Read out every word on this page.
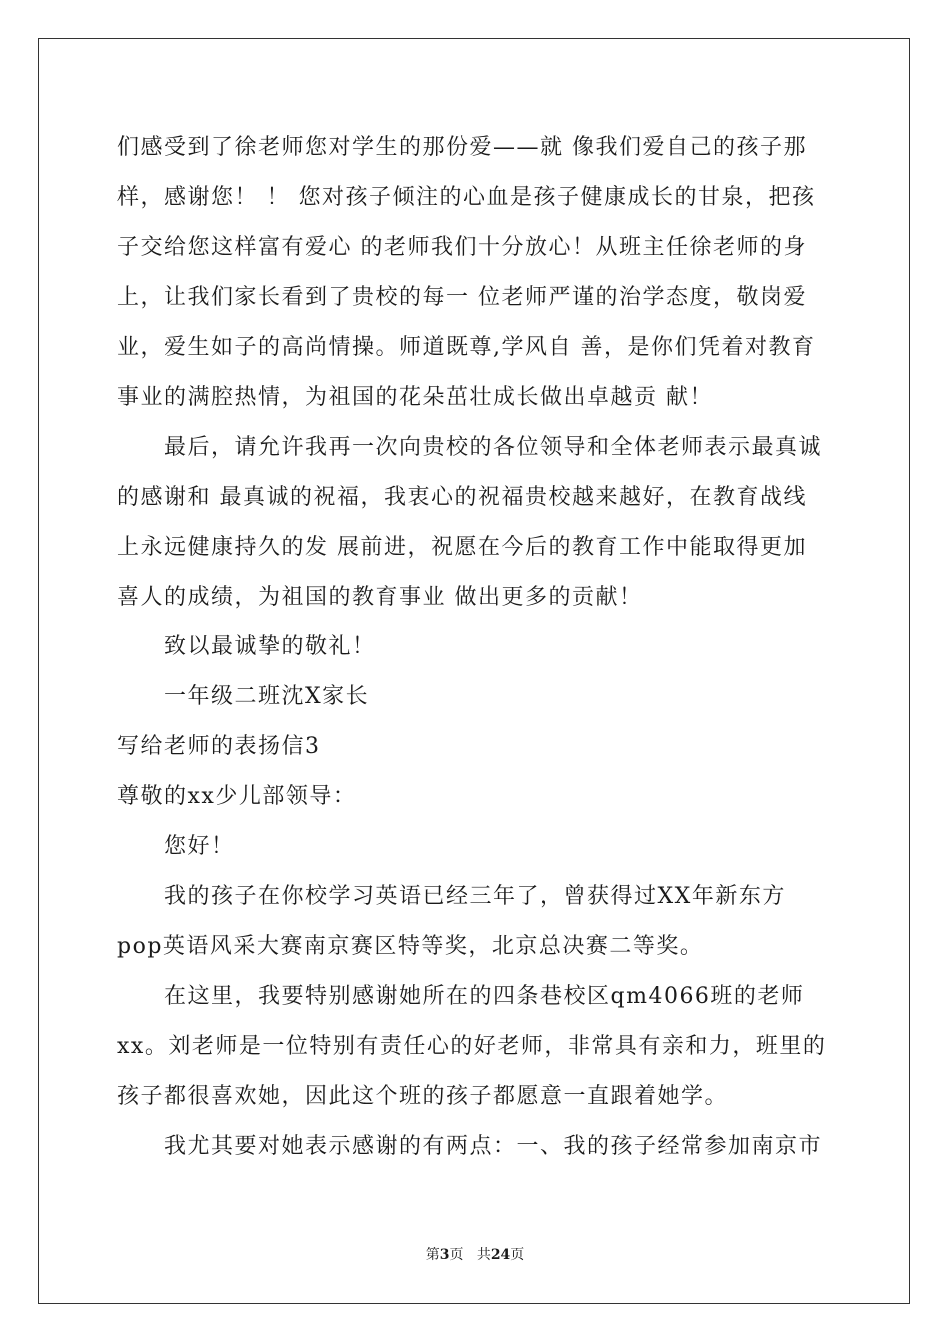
们感受到了徐老师您对学生的那份爱——就 像我们爱自己的孩子那
样，感谢您！ ！ 您对孩子倾注的心血是孩子健康成长的甘泉，把孩
子交给您这样富有爱心 的老师我们十分放心！从班主任徐老师的身
上，让我们家长看到了贵校的每一 位老师严谨的治学态度，敬岗爱
业，爱生如子的高尚情操。师道既尊,学风自 善，是你们凭着对教育
事业的满腔热情，为祖国的花朵茁壮成长做出卓越贡 献！
最后，请允许我再一次向贵校的各位领导和全体老师表示最真诚
的感谢和 最真诚的祝福，我衷心的祝福贵校越来越好，在教育战线
上永远健康持久的发 展前进，祝愿在今后的教育工作中能取得更加
喜人的成绩，为祖国的教育事业 做出更多的贡献！
致以最诚挚的敬礼！
一年级二班沈X家长
写给老师的表扬信3
尊敬的xx少儿部领导：
您好！
我的孩子在你校学习英语已经三年了，曾获得过XX年新东方
pop英语风采大赛南京赛区特等奖，北京总决赛二等奖。
在这里，我要特别感谢她所在的四条巷校区qm4066班的老师
xx。刘老师是一位特别有责任心的好老师，非常具有亲和力，班里的
孩子都很喜欢她，因此这个班的孩子都愿意一直跟着她学。
我尤其要对她表示感谢的有两点：一、我的孩子经常参加南京市
第3页 共24页
